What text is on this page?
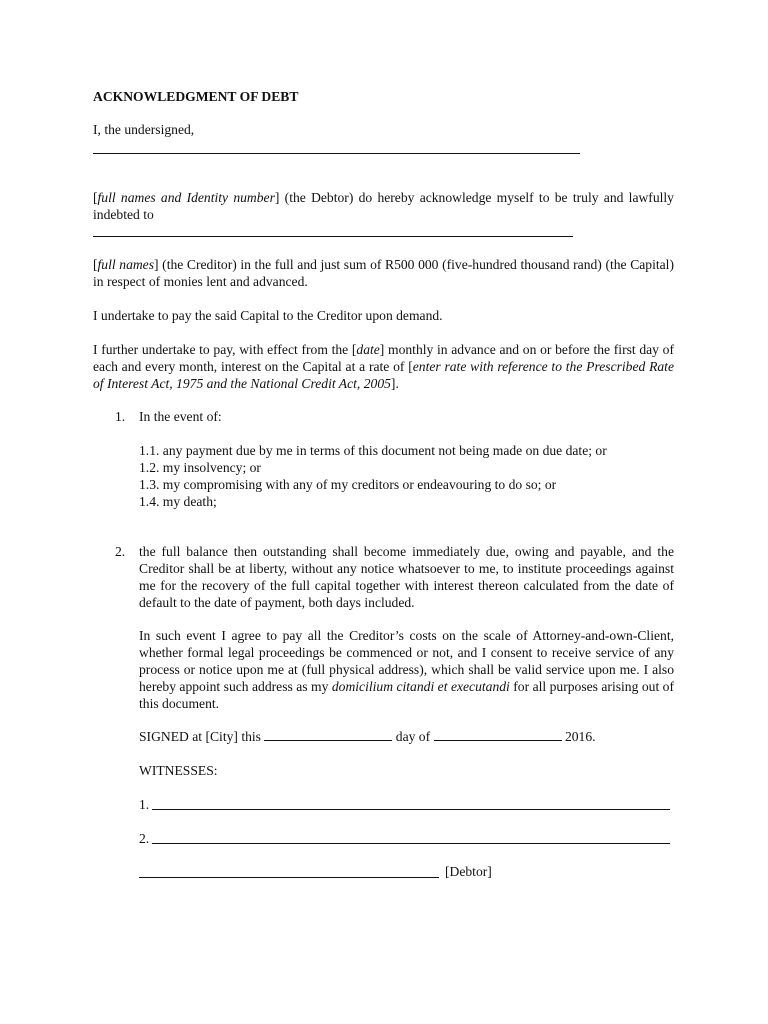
ACKNOWLEDGMENT OF DEBT
I, the undersigned,
[full names and Identity number] (the Debtor) do hereby acknowledge myself to be truly and lawfully indebted to
[full names] (the Creditor) in the full and just sum of R500 000 (five-hundred thousand rand) (the Capital) in respect of monies lent and advanced.
I undertake to pay the said Capital to the Creditor upon demand.
I further undertake to pay, with effect from the [date] monthly in advance and on or before the first day of each and every month, interest on the Capital at a rate of [enter rate with reference to the Prescribed Rate of Interest Act, 1975 and the National Credit Act, 2005].
1. In the event of:
1.1. any payment due by me in terms of this document not being made on due date; or
1.2. my insolvency; or
1.3. my compromising with any of my creditors or endeavouring to do so; or
1.4. my death;
2. the full balance then outstanding shall become immediately due, owing and payable, and the Creditor shall be at liberty, without any notice whatsoever to me, to institute proceedings against me for the recovery of the full capital together with interest thereon calculated from the date of default to the date of payment, both days included.
In such event I agree to pay all the Creditor’s costs on the scale of Attorney-and-own-Client, whether formal legal proceedings be commenced or not, and I consent to receive service of any process or notice upon me at (full physical address), which shall be valid service upon me. I also hereby appoint such address as my domicilium citandi et executandi for all purposes arising out of this document.
SIGNED at [City] this	day of	2016.
WITNESSES:
1.
2.
[Debtor]
